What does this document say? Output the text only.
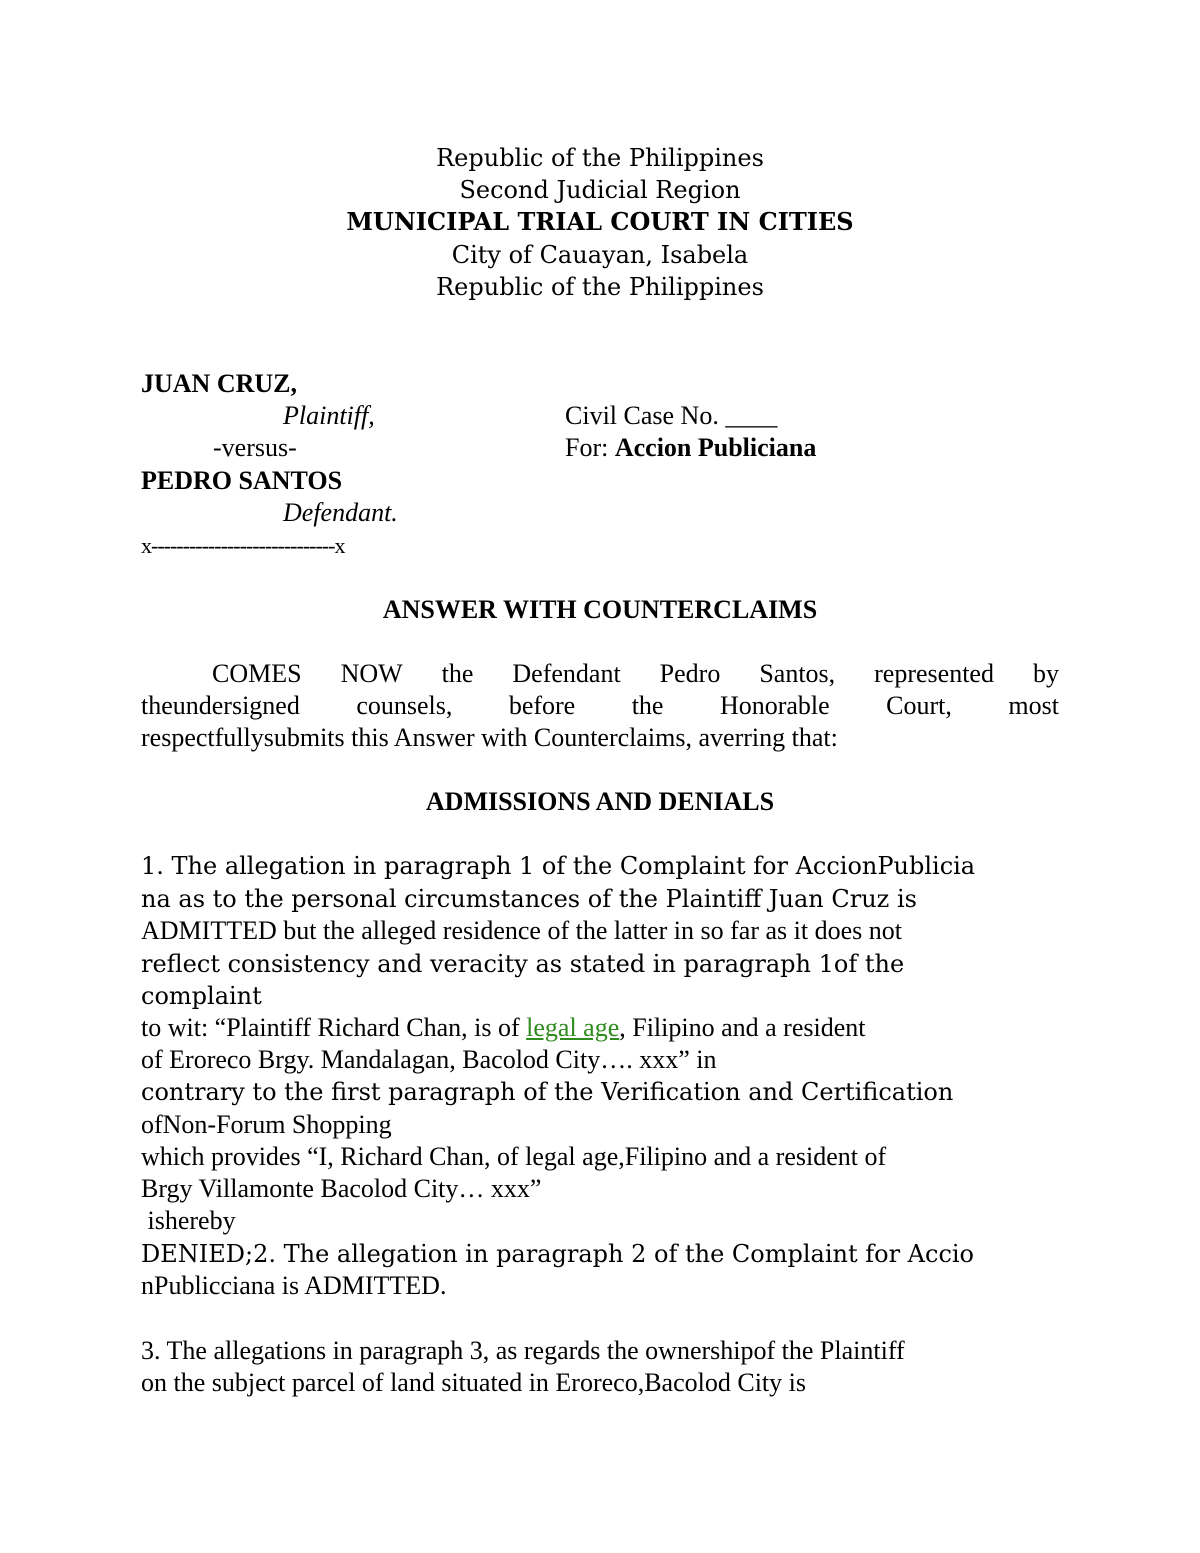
Republic of the Philippines
Second Judicial Region
MUNICIPAL TRIAL COURT IN CITIES
City of Cauayan, Isabela
Republic of the Philippines
JUAN CRUZ,
Plaintiff,	Civil Case No. ____
-versus-	For: Accion Publiciana
PEDRO SANTOS
Defendant.
x-----------------------------x
ANSWER WITH COUNTERCLAIMS
COMES NOW the Defendant Pedro Santos, represented by
theundersigned counsels, before the Honorable Court, most
respectfullysubmits this Answer with Counterclaims, averring that:
ADMISSIONS AND DENIALS
1. The allegation in paragraph 1 of the Complaint for AccionPublicia
na as to the personal circumstances of the Plaintiff Juan Cruz is
ADMITTED but the alleged residence of the latter in so far as it does not
reflect consistency and veracity as stated in paragraph 1of the
complaint
to wit: “Plaintiff Richard Chan, is of legal age, Filipino and a resident
of Eroreco Brgy. Mandalagan, Bacolod City…. xxx” in
contrary to the first paragraph of the Verification and Certification
ofNon-Forum Shopping
which provides “I, Richard Chan, of legal age,Filipino and a resident of
Brgy Villamonte Bacolod City… xxx”
ishereby
DENIED;2. The allegation in paragraph 2 of the Complaint for Accio
nPublicciana is ADMITTED.
3. The allegations in paragraph 3, as regards the ownershipof the Plaintiff
on the subject parcel of land situated in Eroreco,Bacolod City is
